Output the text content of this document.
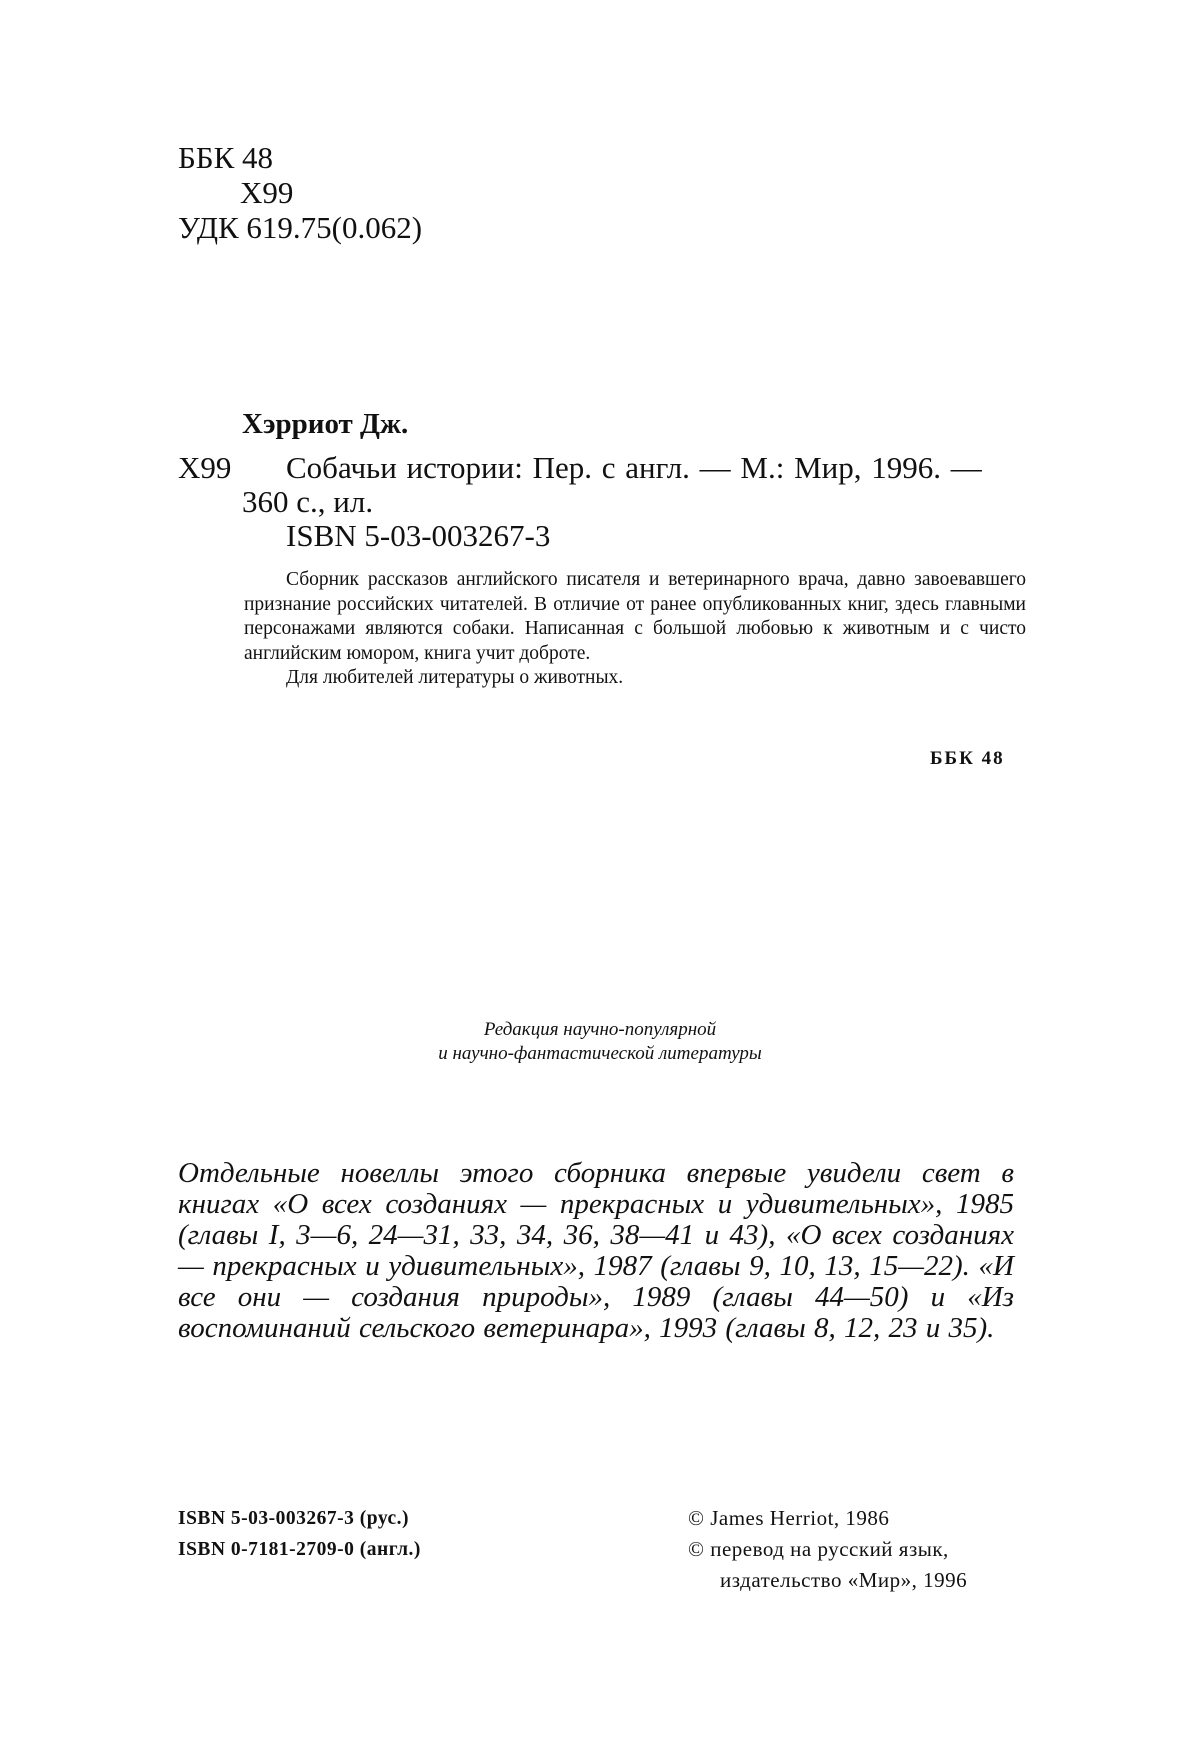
ББК 48
X99
УДК 619.75(0.062)
Хэрриот Дж.
Х99 Собачьи истории: Пер. с англ. — М.: Мир, 1996. —
360 с., ил.
ISBN 5-03-003267-3

Сборник рассказов английского писателя и ветеринарного врача, давно завоевавшего признание российских читателей. В отличие от ранее опубликованных книг, здесь главными персонажами являются собаки. Написанная с большой любовью к животным и с чисто английским юмором, книга учит доброте.

Для любителей литературы о животных.

ББК 48
Редакция научно-популярной
и научно-фантастической литературы
Отдельные новеллы этого сборника впервые увидели свет в книгах «О всех созданиях — прекрасных и удивительных», 1985 (главы I, 3—6, 24—31, 33, 34, 36, 38—41 и 43), «О всех созданиях — прекрасных и удивительных», 1987 (главы 9, 10, 13, 15—22). «И все они — создания природы», 1989 (главы 44—50) и «Из воспоминаний сельского ветеринара», 1993 (главы 8, 12, 23 и 35).
ISBN 5-03-003267-3 (рус.)
ISBN 0-7181-2709-0 (англ.)
© James Herriot, 1986
© перевод на русский язык,
издательство «Мир», 1996
